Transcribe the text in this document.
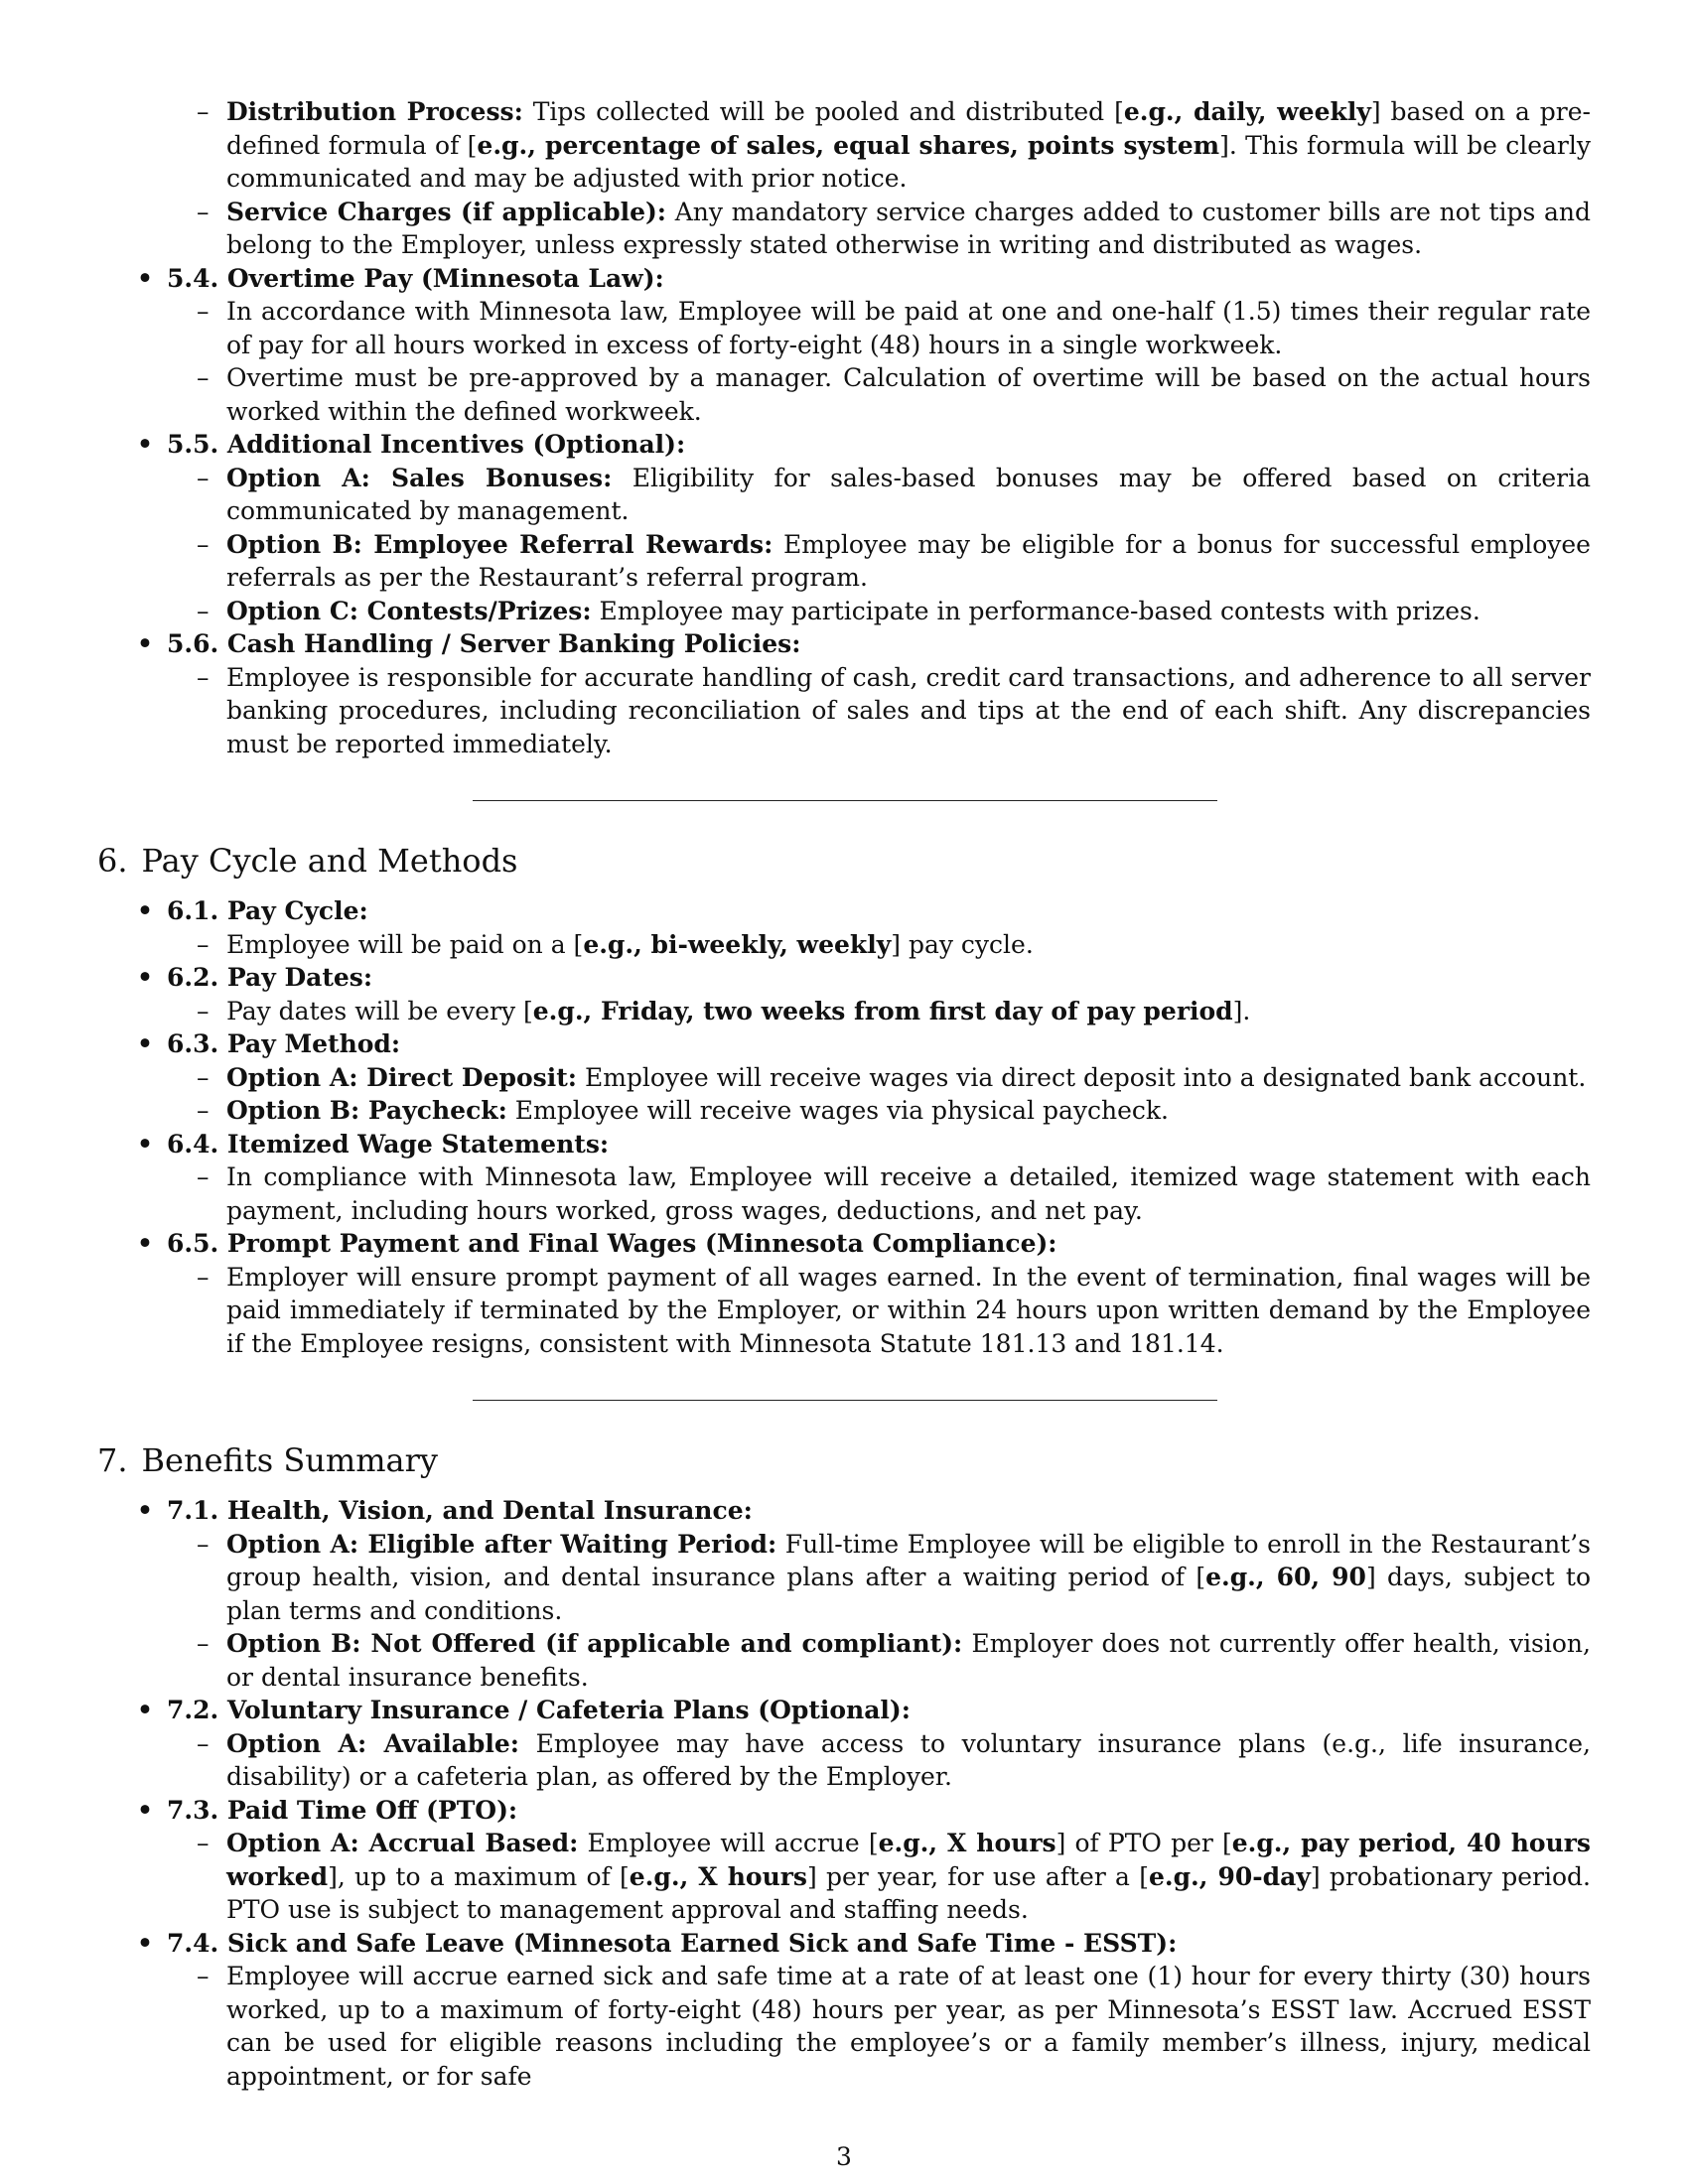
– Distribution Process: Tips collected will be pooled and distributed [e.g., daily, weekly] based on a pre-defined formula of [e.g., percentage of sales, equal shares, points system]. This formula will be clearly communicated and may be adjusted with prior notice.
– Service Charges (if applicable): Any mandatory service charges added to customer bills are not tips and belong to the Employer, unless expressly stated otherwise in writing and distributed as wages.
• 5.4. Overtime Pay (Minnesota Law):
– In accordance with Minnesota law, Employee will be paid at one and one-half (1.5) times their regular rate of pay for all hours worked in excess of forty-eight (48) hours in a single workweek.
– Overtime must be pre-approved by a manager. Calculation of overtime will be based on the actual hours worked within the defined workweek.
• 5.5. Additional Incentives (Optional):
– Option A: Sales Bonuses: Eligibility for sales-based bonuses may be offered based on criteria communicated by management.
– Option B: Employee Referral Rewards: Employee may be eligible for a bonus for successful employee referrals as per the Restaurant’s referral program.
– Option C: Contests/Prizes: Employee may participate in performance-based contests with prizes.
• 5.6. Cash Handling / Server Banking Policies:
– Employee is responsible for accurate handling of cash, credit card transactions, and adherence to all server banking procedures, including reconciliation of sales and tips at the end of each shift. Any discrepancies must be reported immediately.
6. Pay Cycle and Methods
• 6.1. Pay Cycle:
– Employee will be paid on a [e.g., bi-weekly, weekly] pay cycle.
• 6.2. Pay Dates:
– Pay dates will be every [e.g., Friday, two weeks from first day of pay period].
• 6.3. Pay Method:
– Option A: Direct Deposit: Employee will receive wages via direct deposit into a designated bank account.
– Option B: Paycheck: Employee will receive wages via physical paycheck.
• 6.4. Itemized Wage Statements:
– In compliance with Minnesota law, Employee will receive a detailed, itemized wage statement with each payment, including hours worked, gross wages, deductions, and net pay.
• 6.5. Prompt Payment and Final Wages (Minnesota Compliance):
– Employer will ensure prompt payment of all wages earned. In the event of termination, final wages will be paid immediately if terminated by the Employer, or within 24 hours upon written demand by the Employee if the Employee resigns, consistent with Minnesota Statute 181.13 and 181.14.
7. Benefits Summary
• 7.1. Health, Vision, and Dental Insurance:
– Option A: Eligible after Waiting Period: Full-time Employee will be eligible to enroll in the Restaurant’s group health, vision, and dental insurance plans after a waiting period of [e.g., 60, 90] days, subject to plan terms and conditions.
– Option B: Not Offered (if applicable and compliant): Employer does not currently offer health, vision, or dental insurance benefits.
• 7.2. Voluntary Insurance / Cafeteria Plans (Optional):
– Option A: Available: Employee may have access to voluntary insurance plans (e.g., life insurance, disability) or a cafeteria plan, as offered by the Employer.
• 7.3. Paid Time Off (PTO):
– Option A: Accrual Based: Employee will accrue [e.g., X hours] of PTO per [e.g., pay period, 40 hours worked], up to a maximum of [e.g., X hours] per year, for use after a [e.g., 90-day] probationary period. PTO use is subject to management approval and staffing needs.
• 7.4. Sick and Safe Leave (Minnesota Earned Sick and Safe Time - ESST):
– Employee will accrue earned sick and safe time at a rate of at least one (1) hour for every thirty (30) hours worked, up to a maximum of forty-eight (48) hours per year, as per Minnesota’s ESST law. Accrued ESST can be used for eligible reasons including the employee’s or a family member’s illness, injury, medical appointment, or for safe
3
